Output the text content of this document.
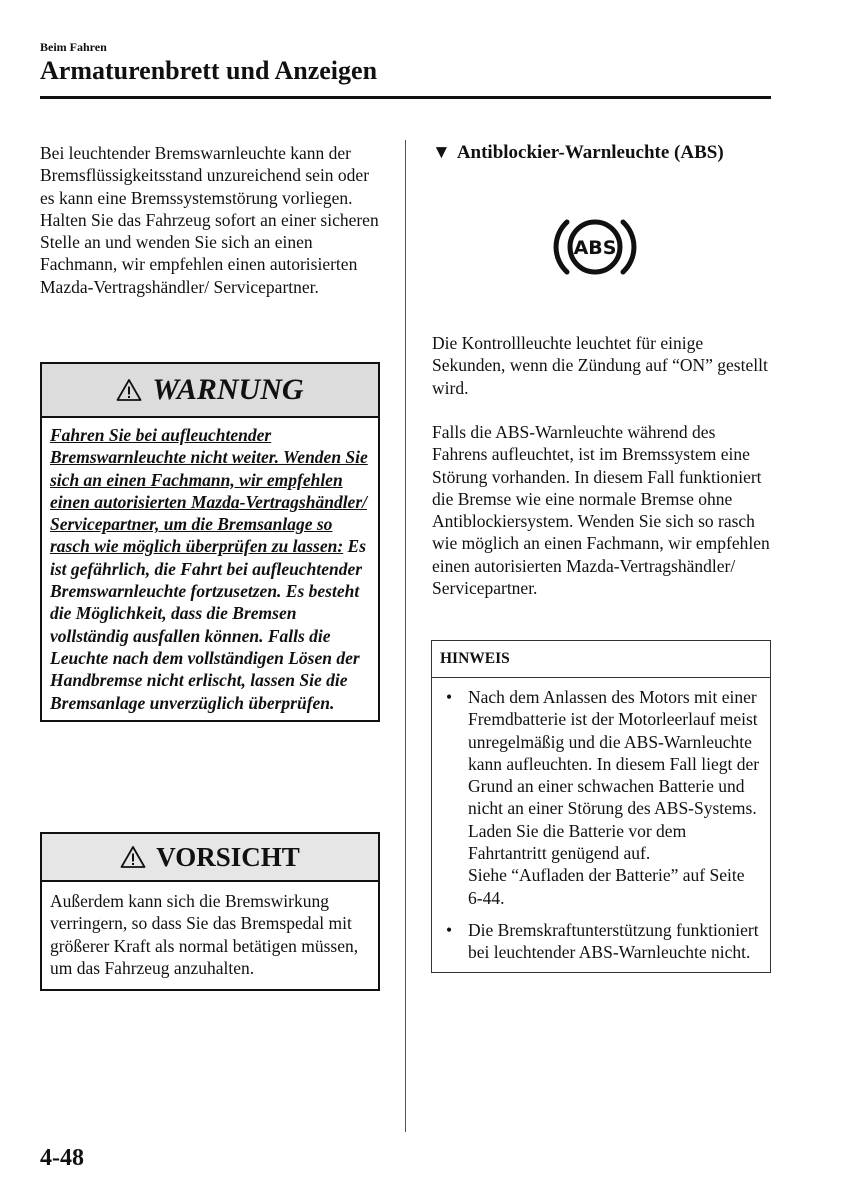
Beim Fahren
Armaturenbrett und Anzeigen

Bei leuchtender Bremswarnleuchte kann der Bremsflüssigkeitsstand unzureichend sein oder es kann eine Bremssystemstörung vorliegen. Halten Sie das Fahrzeug sofort an einer sicheren Stelle an und wenden Sie sich an einen Fachmann, wir empfehlen einen autorisierten Mazda-Vertragshändler/ Servicepartner.

WARNUNG
Fahren Sie bei aufleuchtender Bremswarnleuchte nicht weiter. Wenden Sie sich an einen Fachmann, wir empfehlen einen autorisierten Mazda-Vertragshändler/ Servicepartner, um die Bremsanlage so rasch wie möglich überprüfen zu lassen: Es ist gefährlich, die Fahrt bei aufleuchtender Bremswarnleuchte fortzusetzen. Es besteht die Möglichkeit, dass die Bremsen vollständig ausfallen können. Falls die Leuchte nach dem vollständigen Lösen der Handbremse nicht erlischt, lassen Sie die Bremsanlage unverzüglich überprüfen.
VORSICHT
Außerdem kann sich die Bremswirkung verringern, so dass Sie das Bremspedal mit größerer Kraft als normal betätigen müssen, um das Fahrzeug anzuhalten.
▼ Antiblockier-Warnleuchte (ABS)
ABS

Die Kontrollleuchte leuchtet für einige Sekunden, wenn die Zündung auf “ON” gestellt wird.

Falls die ABS-Warnleuchte während des Fahrens aufleuchtet, ist im Bremssystem eine Störung vorhanden. In diesem Fall funktioniert die Bremse wie eine normale Bremse ohne Antiblockiersystem. Wenden Sie sich so rasch wie möglich an einen Fachmann, wir empfehlen einen autorisierten Mazda-Vertragshändler/ Servicepartner.

HINWEIS
• Nach dem Anlassen des Motors mit einer Fremdbatterie ist der Motorleerlauf meist unregelmäßig und die ABS-Warnleuchte kann aufleuchten. In diesem Fall liegt der Grund an einer schwachen Batterie und nicht an einer Störung des ABS-Systems.
Laden Sie die Batterie vor dem Fahrtantritt genügend auf.
Siehe “Aufladen der Batterie” auf Seite 6-44.
• Die Bremskraftunterstützung funktioniert bei leuchtender ABS-Warnleuchte nicht.
4-48
